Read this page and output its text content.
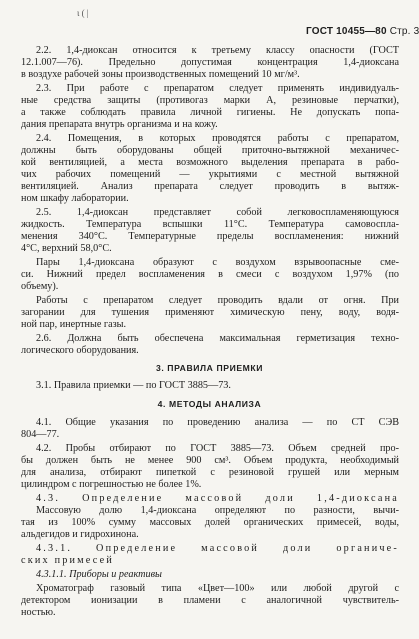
ι ( |
ГОСТ 10455—80 Стр. 3
2.2. 1,4-диоксан относится к третьему классу опасности (ГОСТ
12.1.007—76). Предельно допустимая концентрация 1,4-диоксана
в воздухе рабочей зоны производственных помещений 10 мг/м³.
2.3. При работе с препаратом следует применять индивидуаль-
ные средства защиты (противогаз марки А, резиновые перчатки),
а также соблюдать правила личной гигиены. Не допускать попа-
дания препарата внутрь организма и на кожу.
2.4. Помещения, в которых проводятся работы с препаратом,
должны быть оборудованы общей приточно-вытяжной механичес-
кой вентиляцией, а места возможного выделения препарата в рабо-
чих рабочих помещений — укрытиями с местной вытяжной
вентиляцией. Анализ препарата следует проводить в вытяж-
ном шкафу лаборатории.
2.5. 1,4-диоксан представляет собой легковоспламеняющуюся
жидкость. Температура вспышки 11°С. Температура самовоспла-
менения 340°С. Температурные пределы воспламенения: нижний
4°С, верхний 58,0°С.
Пары 1,4-диоксана образуют с воздухом взрывоопасные сме-
си. Нижний предел воспламенения в смеси с воздухом 1,97% (по
объему).
Работы с препаратом следует проводить вдали от огня. При
загорании для тушения применяют химическую пену, воду, водя-
ной пар, инертные газы.
2.6. Должна быть обеспечена максимальная герметизация техно-
логического оборудования.
3. ПРАВИЛА ПРИЕМКИ
3.1. Правила приемки — по ГОСТ 3885—73.
4. МЕТОДЫ АНАЛИЗА
4.1. Общие указания по проведению анализа — по СТ СЭВ
804—77.
4.2. Пробы отбирают по ГОСТ 3885—73. Объем средней про-
бы должен быть не менее 900 см³. Объем продукта, необходимый
для анализа, отбирают пипеткой с резиновой грушей или мерным
цилиндром с погрешностью не более 1%.
4.3. Определение массовой доли 1,4-диоксана
Массовую долю 1,4-диоксана определяют по разности, вычи-
тая из 100% сумму массовых долей органических примесей, воды,
альдегидов и гидрохинона.
4.3.1. Определение массовой доли органиче-
ских примесей
4.3.1.1. Приборы и реактивы
Хроматограф газовый типа «Цвет—100» или любой другой с
детектором ионизации в пламени с аналогичной чувствитель-
ностью.
